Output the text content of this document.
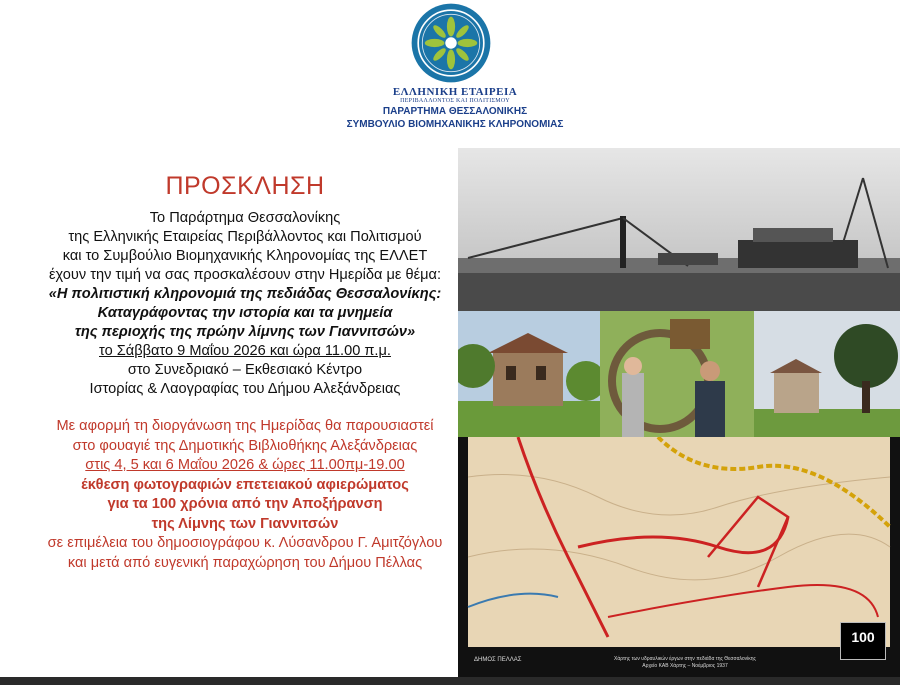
ΕΛΛΗΝΙΚΗ ΕΤΑΙΡΕΙΑ
ΠΕΡΙΒΑΛΛΟΝΤΟΣ ΚΑΙ ΠΟΛΙΤΙΣΜΟΥ
ΠΑΡΑΡΤΗΜΑ ΘΕΣΣΑΛΟΝΙΚΗΣ
ΣΥΜΒΟΥΛΙΟ ΒΙΟΜΗΧΑΝΙΚΗΣ ΚΛΗΡΟΝΟΜΙΑΣ
ΠΡΟΣΚΛΗΣΗ
Το Παράρτημα Θεσσαλονίκης
της Ελληνικής Εταιρείας Περιβάλλοντος και Πολιτισμού
και το Συμβούλιο Βιομηχανικής Κληρονομίας της ΕΛΛΕΤ
έχουν την τιμή να σας προσκαλέσουν στην Ημερίδα με θέμα:
«Η πολιτιστική κληρονομιά της πεδιάδας Θεσσαλονίκης:
Καταγράφοντας την ιστορία και τα μνημεία
της περιοχής της πρώην λίμνης των Γιαννιτσών»
το Σάββατο 9 Μαΐου 2026 και ώρα 11.00 π.μ.
στο Συνεδριακό – Εκθεσιακό Κέντρο
Ιστορίας & Λαογραφίας του Δήμου Αλεξάνδρειας
Με αφορμή τη διοργάνωση της Ημερίδας θα παρουσιαστεί
στο φουαγιέ της Δημοτικής Βιβλιοθήκης Αλεξάνδρειας
στις 4, 5 και 6 Μαΐου 2026 & ώρες 11.00πμ-19.00
έκθεση φωτογραφιών επετειακού αφιερώματος
για τα 100 χρόνια από την Αποξήρανση
της Λίμνης των Γιαννιτσών
σε επιμέλεια του δημοσιογράφου κ. Λύσανδρου Γ. Αμιτζόγλου
και μετά από ευγενική παραχώρηση του Δήμου Πέλλας
ΔΗΜΟΣ ΠΕΛΛΑΣ	Χάρτης των υδραυλικών έργων στην πεδιάδα της Θεσσαλονίκης
Αρχείο ΚΑΒ Χάρτης – Νοέμβριος 1937
100
